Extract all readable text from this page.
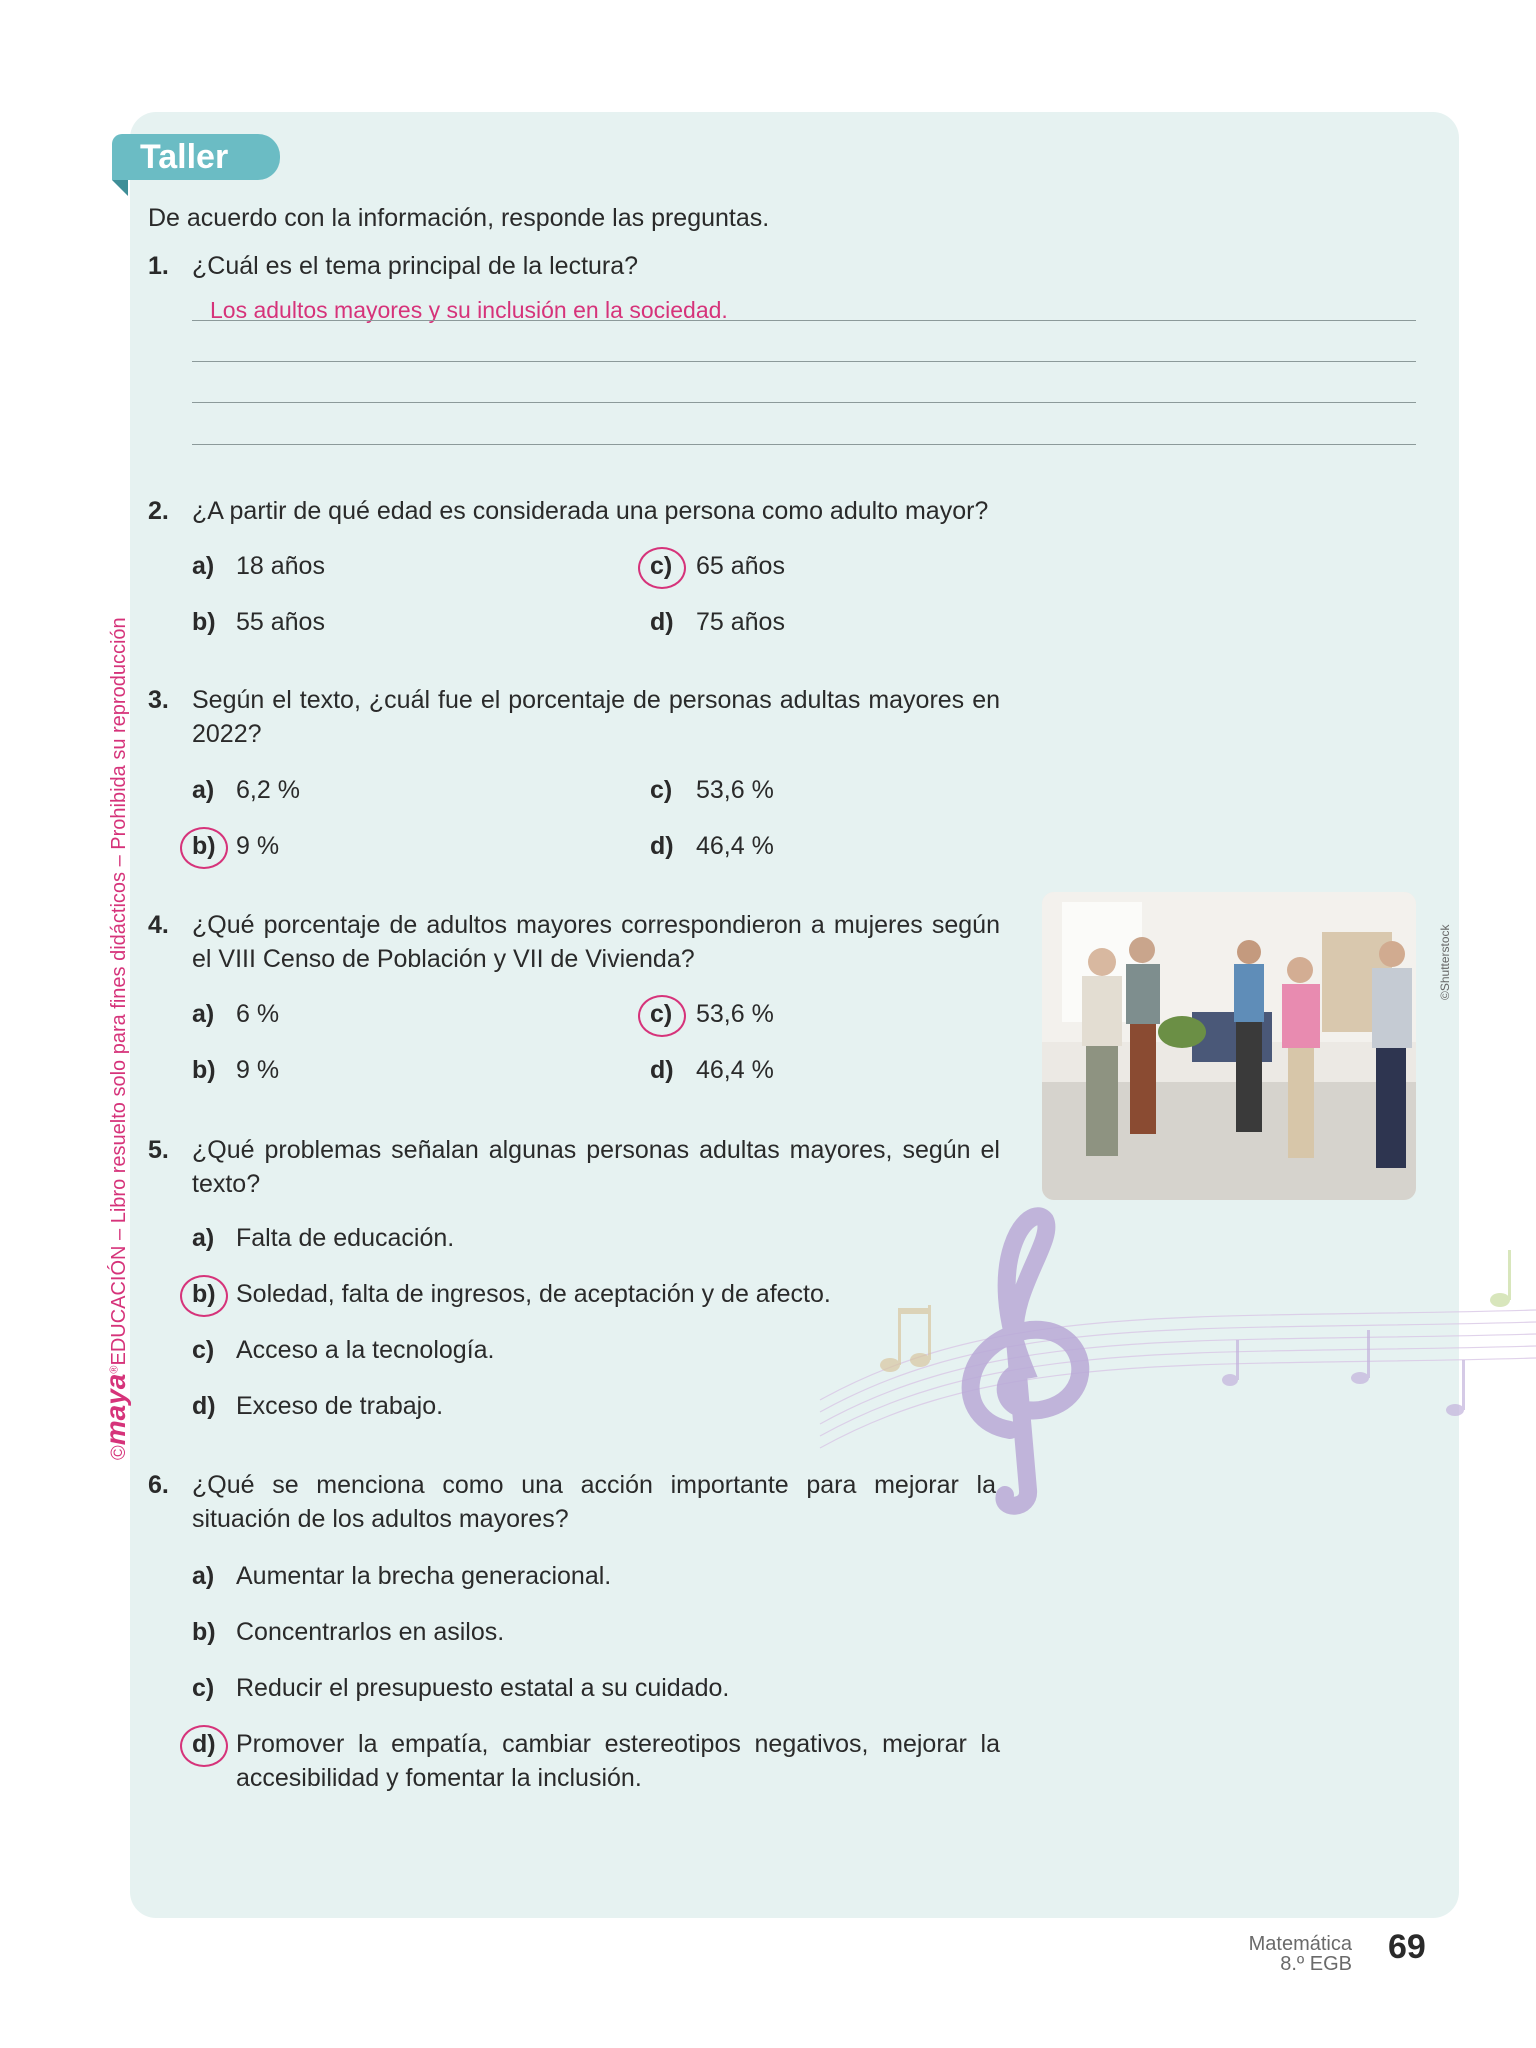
Taller
©maya®EDUCACIÓN – Libro resuelto solo para fines didácticos – Prohibida su reproducción
De acuerdo con la información, responde las preguntas.
1. ¿Cuál es el tema principal de la lectura?
Los adultos mayores y su inclusión en la sociedad.
2. ¿A partir de qué edad es considerada una persona como adulto mayor?
a) 18 años
b) 55 años
c) 65 años
d) 75 años
3. Según el texto, ¿cuál fue el porcentaje de personas adultas mayores en 2022?
a) 6,2 %
b) 9 %
c) 53,6 %
d) 46,4 %
4. ¿Qué porcentaje de adultos mayores correspondieron a mujeres según el VIII Censo de Población y VII de Vivienda?
a) 6 %
b) 9 %
c) 53,6 %
d) 46,4 %
©Shutterstock
5. ¿Qué problemas señalan algunas personas adultas mayores, según el texto?
a) Falta de educación.
b) Soledad, falta de ingresos, de aceptación y de afecto.
c) Acceso a la tecnología.
d) Exceso de trabajo.
6. ¿Qué se menciona como una acción importante para mejorar la situación de los adultos mayores?
a) Aumentar la brecha generacional.
b) Concentrarlos en asilos.
c) Reducir el presupuesto estatal a su cuidado.
d) Promover la empatía, cambiar estereotipos negativos, mejorar la accesibilidad y fomentar la inclusión.
Matemática
8.º EGB 69
